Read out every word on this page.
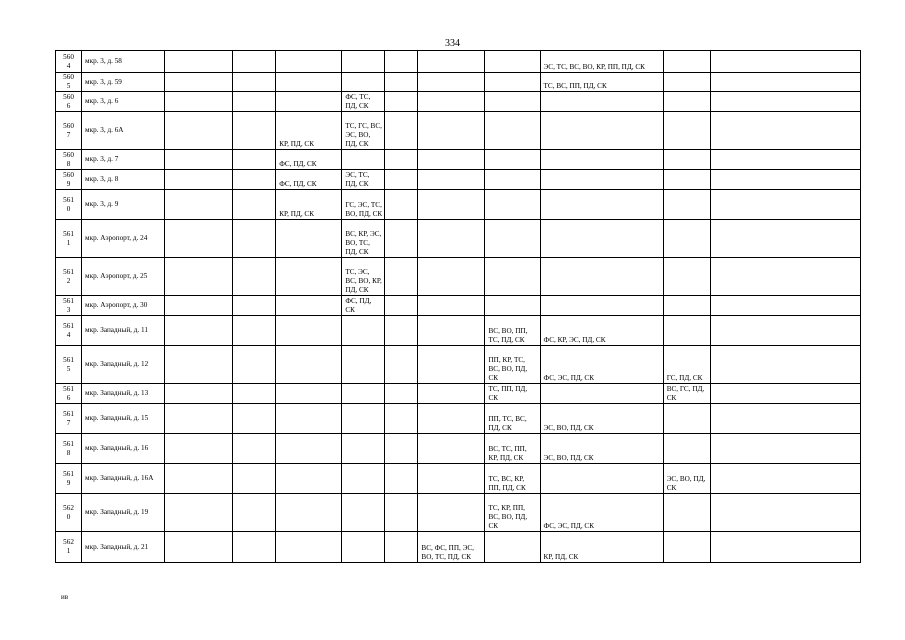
334
560
4	мкр. 3, д. 58								ЭС, ТС, ВС, ВО, КР, ПП, ПД, СК		
560
5	мкр. 3, д. 59								ТС, ВС, ПП, ПД, СК		
560
6	мкр. 3, д. 6				ФС, ТС, ПД, СК						
560
7	мкр. 3, д. 6А			КР, ПД, СК	ТС, ГС, ВС, ЭС, ВО, ПД, СК						
560
8	мкр. 3, д. 7			ФС, ПД, СК							
560
9	мкр. 3, д. 8			ФС, ПД, СК	ЭС, ТС, ПД, СК						
561
0	мкр. 3, д. 9			КР, ПД, СК	ГС, ЭС, ТС, ВО, ПД, СК						
561
1	мкр. Аэропорт, д. 24				ВС, КР, ЭС, ВО, ТС, ПД, СК						
561
2	мкр. Аэропорт, д. 25				ТС, ЭС, ВС, ВО, КР, ПД, СК						
561
3	мкр. Аэропорт, д. 30				ФС, ПД, СК						
561
4	мкр. Западный, д. 11							ВС, ВО, ПП, ТС, ПД, СК	ФС, КР, ЭС, ПД, СК		
561
5	мкр. Западный, д. 12							ПП, КР, ТС, ВС, ВО, ПД, СК	ФС, ЭС, ПД, СК	ГС, ПД, СК	
561
6	мкр. Западный, д. 13							ТС, ПП, ПД, СК		ВС, ГС, ПД, СК	
561
7	мкр. Западный, д. 15							ПП, ТС, ВС, ПД, СК	ЭС, ВО, ПД, СК		
561
8	мкр. Западный, д. 16							ВС, ТС, ПП, КР, ПД, СК	ЭС, ВО, ПД, СК		
561
9	мкр. Западный, д. 16А							ТС, ВС, КР, ПП, ПД, СК		ЭС, ВО, ПД, СК	
562
0	мкр. Западный, д. 19							ТС, КР, ПП, ВС, ВО, ПД, СК	ФС, ЭС, ПД, СК		
562
1	мкр. Западный, д. 21						ВС, ФС, ПП, ЭС, ВО, ТС, ПД, СК		КР, ПД, СК		
ив
